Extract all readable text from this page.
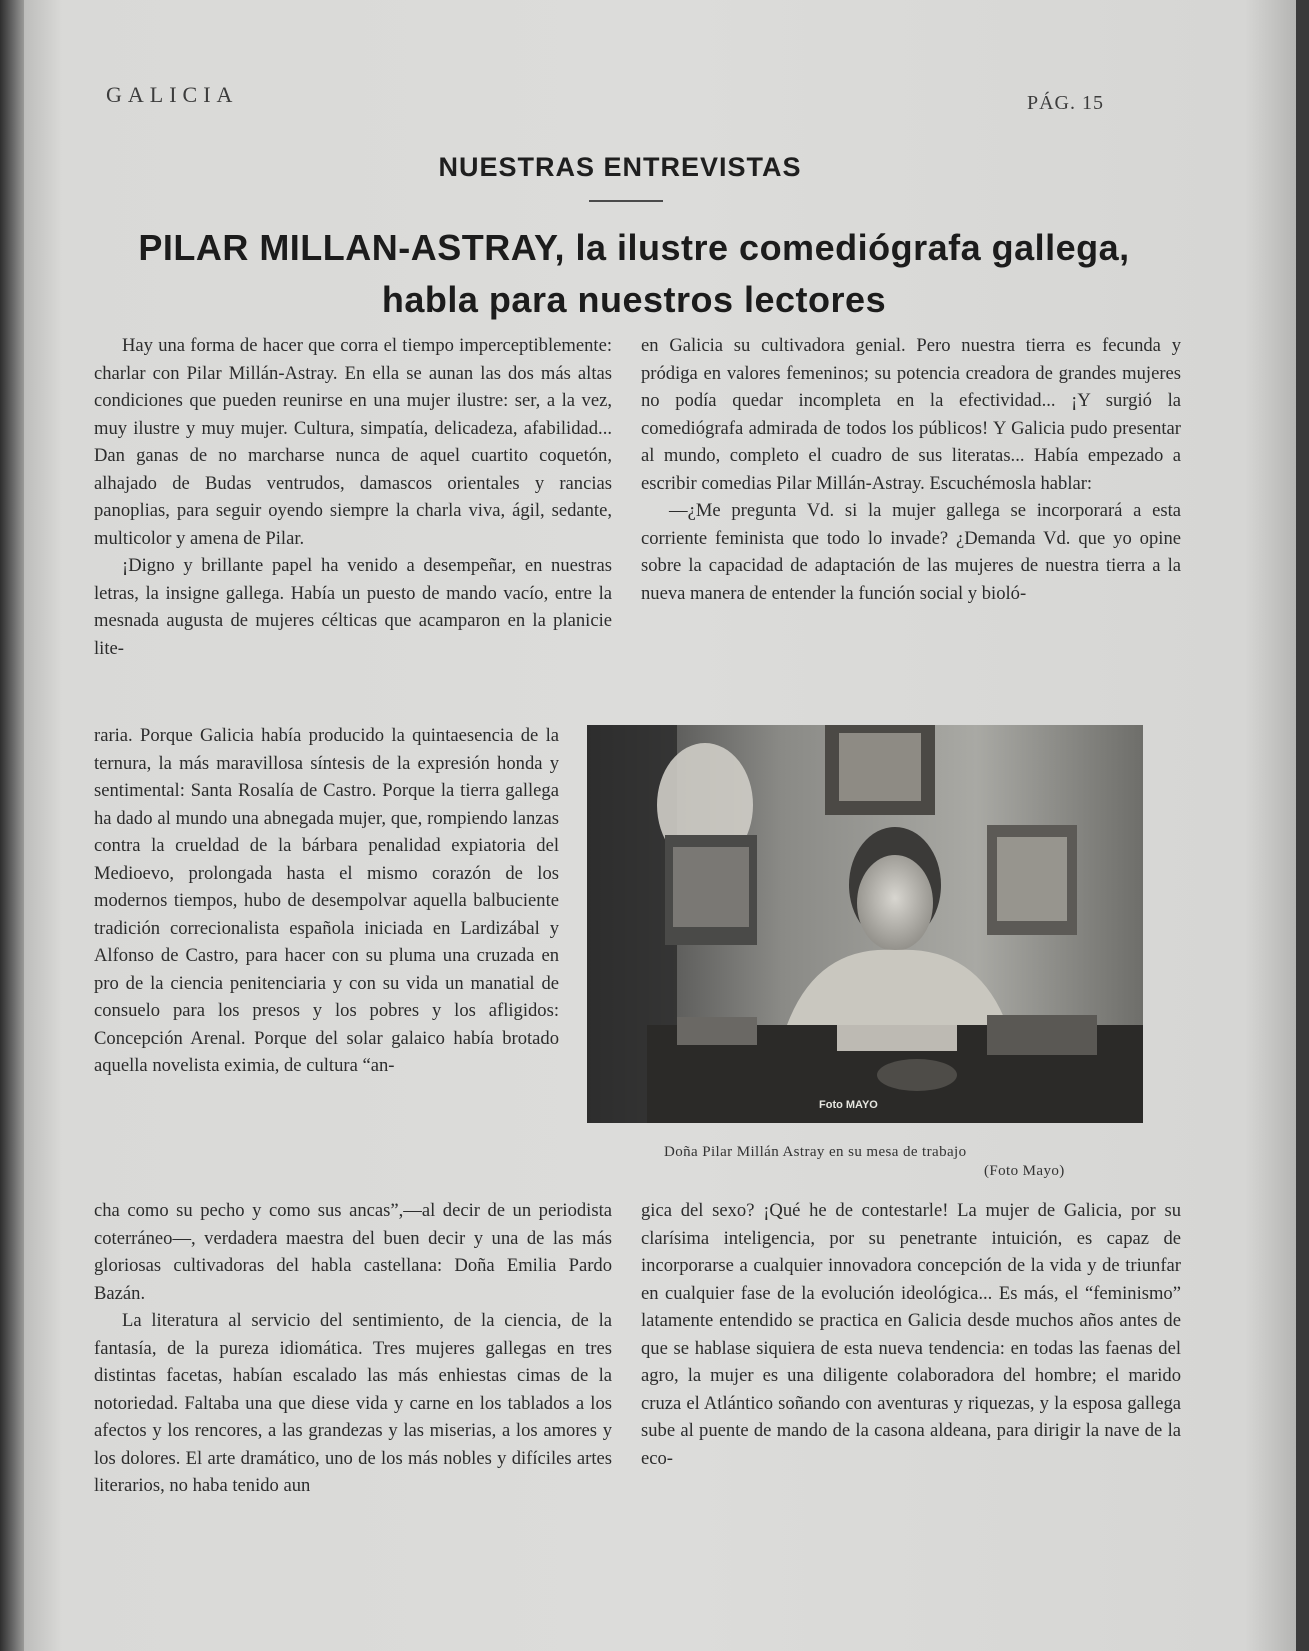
GALICIA	PÁG. 15
NUESTRAS ENTREVISTAS
PILAR MILLAN-ASTRAY, la ilustre comediógrafa gallega,
habla para nuestros lectores

Hay una forma de hacer que corra el tiempo imperceptiblemente: charlar con Pilar Millán-Astray. En ella se aunan las dos más altas condiciones que pueden reunirse en una mujer ilustre: ser, a la vez, muy ilustre y muy mujer. Cultura, simpatía, delicadeza, afabilidad... Dan ganas de no marcharse nunca de aquel cuartito coquetón, alhajado de Budas ventrudos, damascos orientales y rancias panoplias, para seguir oyendo siempre la charla viva, ágil, sedante, multicolor y amena de Pilar.

¡Digno y brillante papel ha venido a desempeñar, en nuestras letras, la insigne gallega. Había un puesto de mando vacío, entre la mesnada augusta de mujeres célticas que acamparon en la planicie lite-

raria. Porque Galicia había producido la quintaesencia de la ternura, la más maravillosa síntesis de la expresión honda y sentimental: Santa Rosalía de Castro. Porque la tierra gallega ha dado al mundo una abnegada mujer, que, rompiendo lanzas contra la crueldad de la bárbara penalidad expiatoria del Medioevo, prolongada hasta el mismo corazón de los modernos tiempos, hubo de desempolvar aquella balbuciente tradición correcionalista española iniciada en Lardizábal y Alfonso de Castro, para hacer con su pluma una cruzada en pro de la ciencia penitenciaria y con su vida un manatial de consuelo para los presos y los pobres y los afligidos: Concepción Arenal. Porque del solar galaico había brotado aquella novelista eximia, de cultura “an-

cha como su pecho y como sus ancas”,—al decir de un periodista coterráneo—, verdadera maestra del buen decir y una de las más gloriosas cultivadoras del habla castellana: Doña Emilia Pardo Bazán.

La literatura al servicio del sentimiento, de la ciencia, de la fantasía, de la pureza idiomática. Tres mujeres gallegas en tres distintas facetas, habían escalado las más enhiestas cimas de la notoriedad. Faltaba una que diese vida y carne en los tablados a los afectos y los rencores, a las grandezas y las miserias, a los amores y los dolores. El arte dramático, uno de los más nobles y difíciles artes literarios, no haba tenido aun

en Galicia su cultivadora genial. Pero nuestra tierra es fecunda y pródiga en valores femeninos; su potencia creadora de grandes mujeres no podía quedar incompleta en la efectividad... ¡Y surgió la comediógrafa admirada de todos los públicos! Y Galicia pudo presentar al mundo, completo el cuadro de sus literatas... Había empezado a escribir comedias Pilar Millán-Astray. Escuchémosla hablar:

—¿Me pregunta Vd. si la mujer gallega se incorporará a esta corriente feminista que todo lo invade? ¿Demanda Vd. que yo opine sobre la capacidad de adaptación de las mujeres de nuestra tierra a la nueva manera de entender la función social y bioló-

Foto MAYO
Doña Pilar Millán Astray en su mesa de trabajo
(Foto Mayo)

gica del sexo? ¡Qué he de contestarle! La mujer de Galicia, por su clarísima inteligencia, por su penetrante intuición, es capaz de incorporarse a cualquier innovadora concepción de la vida y de triunfar en cualquier fase de la evolución ideológica... Es más, el “feminismo” latamente entendido se practica en Galicia desde muchos años antes de que se hablase siquiera de esta nueva tendencia: en todas las faenas del agro, la mujer es una diligente colaboradora del hombre; el marido cruza el Atlántico soñando con aventuras y riquezas, y la esposa gallega sube al puente de mando de la casona aldeana, para dirigir la nave de la eco-
